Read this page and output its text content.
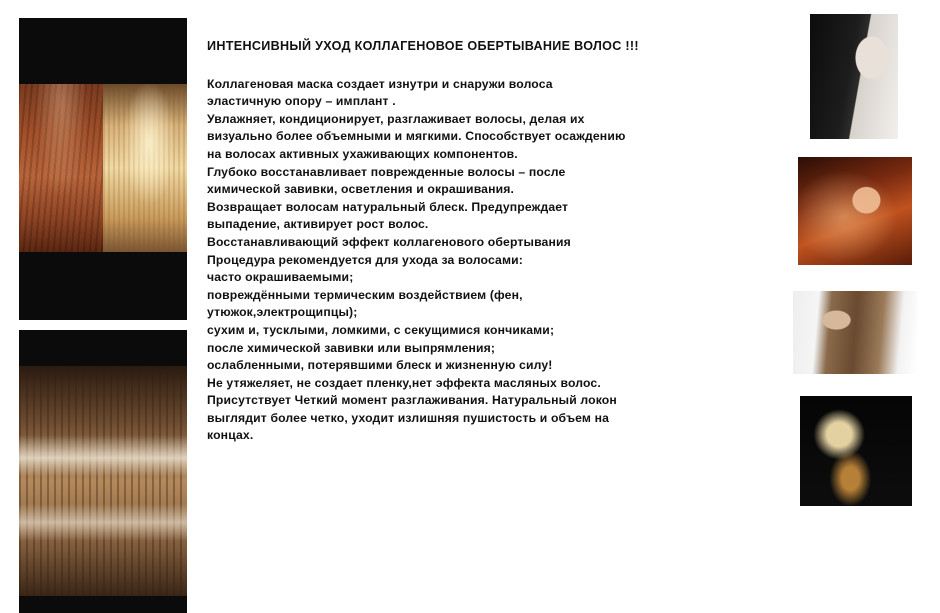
ИНТЕНСИВНЫЙ УХОД КОЛЛАГЕНОВОЕ ОБЕРТЫВАНИЕ ВОЛОС !!!
Коллагеновая маска создает изнутри и снаружи волоса
эластичную опору – имплант .
Увлажняет, кондиционирует, разглаживает волосы, делая их
визуально более объемными и мягкими. Способствует осаждению
на волосах активных ухаживающих компонентов.
Глубоко восстанавливает поврежденные волосы – после
химической завивки, осветления и окрашивания.
Возвращает волосам натуральный блеск. Предупреждает
выпадение, активирует рост волос.
Восстанавливающий эффект коллагенового обертывания
Процедура рекомендуется для ухода за волосами:
часто окрашиваемыми;
повреждёнными термическим воздействием (фен,
утюжок,электрощипцы);
сухим и, тусклыми, ломкими, с секущимися кончиками;
после химической завивки или выпрямления;
ослабленными, потерявшими блеск и жизненную силу!
Не утяжеляет, не создает пленку,нет эффекта масляных волос.
Присутствует Четкий момент разглаживания. Натуральный локон
выглядит более четко, уходит излишняя пушистость и объем на
концах.
